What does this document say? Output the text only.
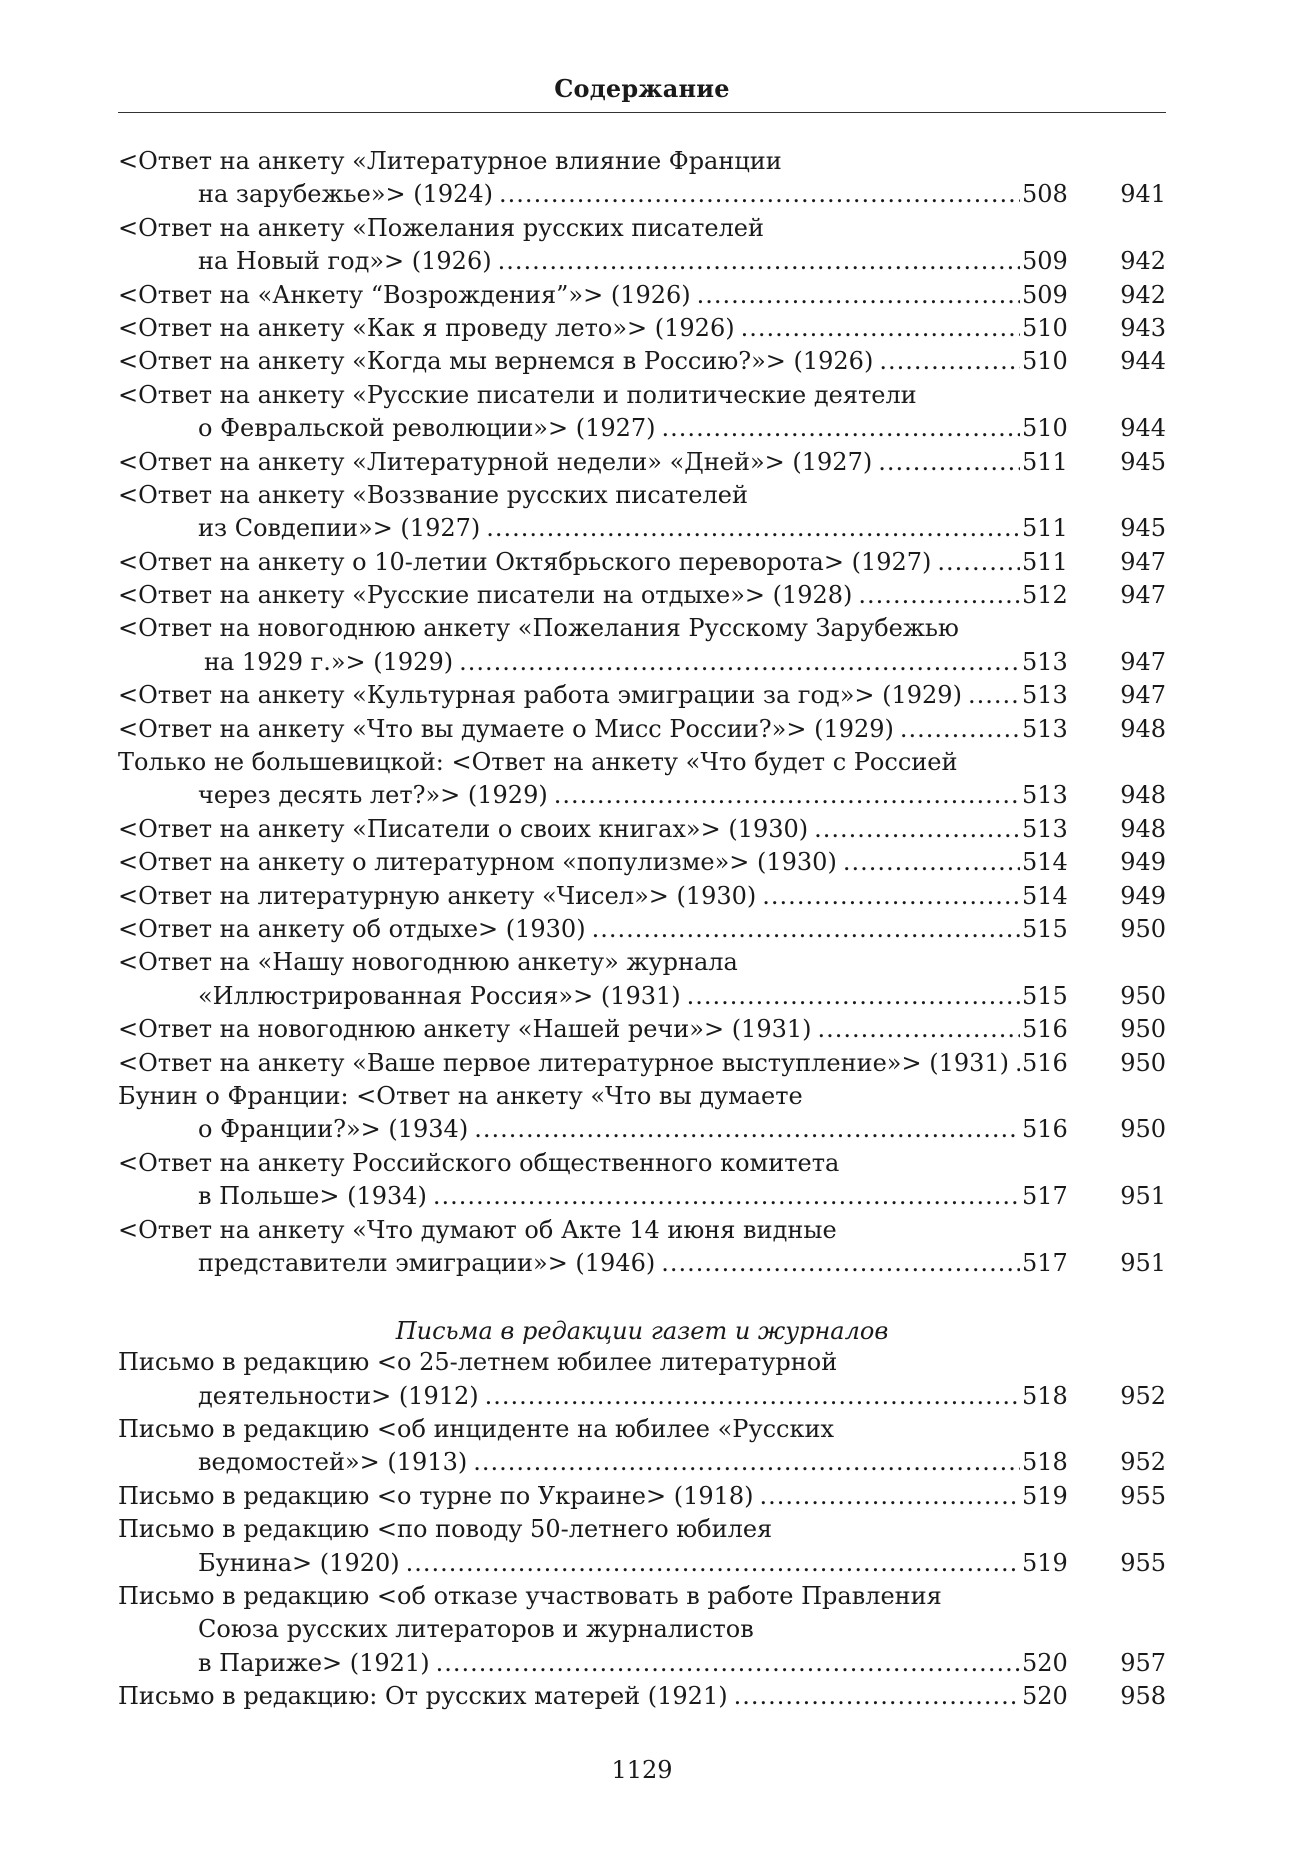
Содержание
<Ответ на анкету «Литературное влияние Франции
на зарубежье»> (1924) .....	508	941
<Ответ на анкету «Пожелания русских писателей
на Новый год»> (1926) .....	509	942
<Ответ на «Анкету “Возрождения”»> (1926) .....	509	942
<Ответ на анкету «Как я проведу лето»> (1926) .....	510	943
<Ответ на анкету «Когда мы вернемся в Россию?»> (1926) .....	510	944
<Ответ на анкету «Русские писатели и политические деятели
о Февральской революции»> (1927) .....	510	944
<Ответ на анкету «Литературной недели» «Дней»> (1927) .....	511	945
<Ответ на анкету «Воззвание русских писателей
из Совдепии»> (1927) .....	511	945
<Ответ на анкету о 10-летии Октябрьского переворота> (1927) .....	511	947
<Ответ на анкету «Русские писатели на отдыхе»> (1928) .....	512	947
<Ответ на новогоднюю анкету «Пожелания Русскому Зарубежью
на 1929 г.»> (1929) .....	513	947
<Ответ на анкету «Культурная работа эмиграции за год»> (1929) .....	513	947
<Ответ на анкету «Что вы думаете о Мисс России?»> (1929) .....	513	948
Только не большевицкой: <Ответ на анкету «Что будет с Россией
через десять лет?»> (1929) .....	513	948
<Ответ на анкету «Писатели о своих книгах»> (1930) .....	513	948
<Ответ на анкету о литературном «популизме»> (1930) .....	514	949
<Ответ на литературную анкету «Чисел»> (1930) .....	514	949
<Ответ на анкету об отдыхе> (1930) .....	515	950
<Ответ на «Нашу новогоднюю анкету» журнала
«Иллюстрированная Россия»> (1931) .....	515	950
<Ответ на новогоднюю анкету «Нашей речи»> (1931) .....	516	950
<Ответ на анкету «Ваше первое литературное выступление»> (1931) ..... 516	950
Бунин о Франции: <Ответ на анкету «Что вы думаете
о Франции?»> (1934) .....	516	950
<Ответ на анкету Российского общественного комитета
в Польше> (1934) .....	517	951
<Ответ на анкету «Что думают об Акте 14 июня видные
представители эмиграции»> (1946) .....	517	951
Письма в редакции газет и журналов
Письмо в редакцию <о 25-летнем юбилее литературной
деятельности> (1912) .....	518	952
Письмо в редакцию <об инциденте на юбилее «Русских
ведомостей»> (1913) .....	518	952
Письмо в редакцию <о турне по Украине> (1918) .....	519	955
Письмо в редакцию <по поводу 50-летнего юбилея
Бунина> (1920) .....	519	955
Письмо в редакцию <об отказе участвовать в работе Правления
Союза русских литераторов и журналистов
в Париже> (1921) .....	520	957
Письмо в редакцию: От русских матерей (1921) .....	520	958
1129
